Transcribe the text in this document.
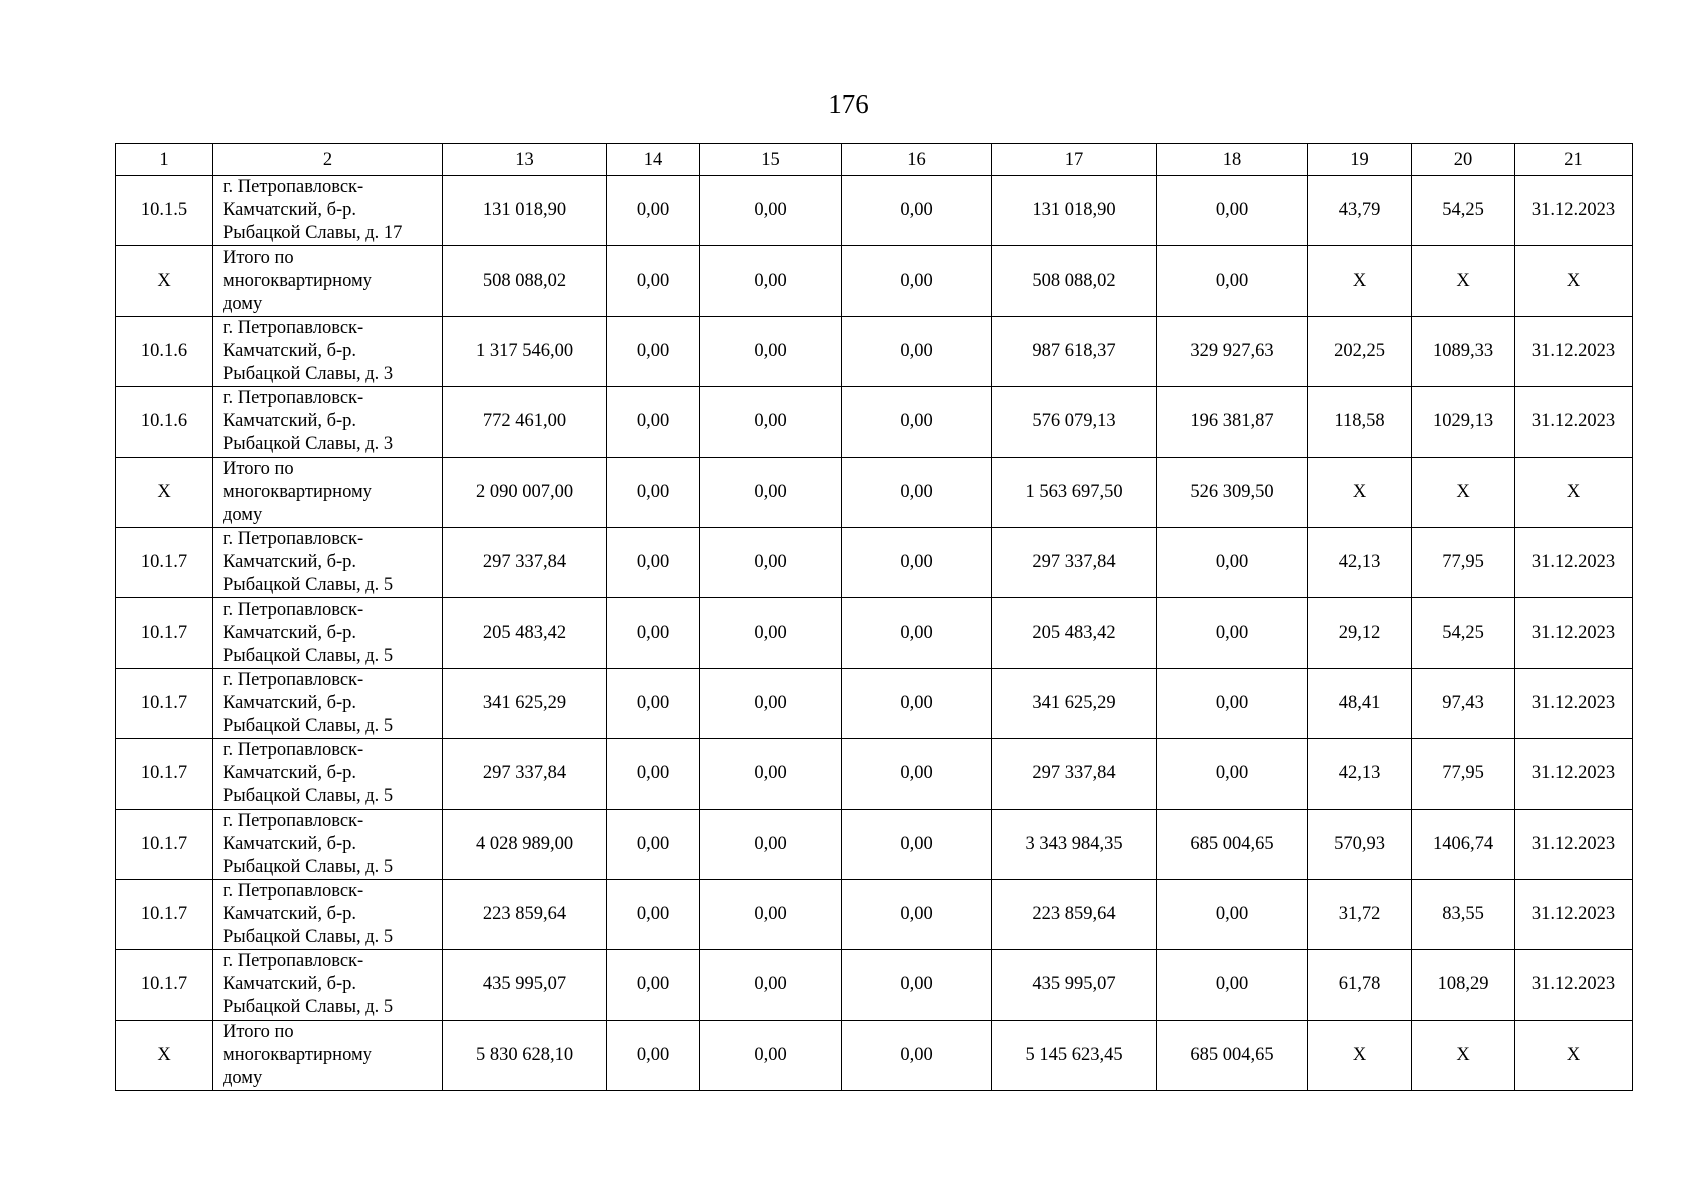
176
1	2	13	14	15	16	17	18	19	20	21
10.1.5	г. Петропавловск-
Камчатский, б-р.
Рыбацкой Славы, д. 17	131 018,90	0,00	0,00	0,00	131 018,90	0,00	43,79	54,25	31.12.2023
Х	Итого по
многоквартирному
дому	508 088,02	0,00	0,00	0,00	508 088,02	0,00	Х	Х	Х
10.1.6	г. Петропавловск-
Камчатский, б-р.
Рыбацкой Славы, д. 3	1 317 546,00	0,00	0,00	0,00	987 618,37	329 927,63	202,25	1089,33	31.12.2023
10.1.6	г. Петропавловск-
Камчатский, б-р.
Рыбацкой Славы, д. 3	772 461,00	0,00	0,00	0,00	576 079,13	196 381,87	118,58	1029,13	31.12.2023
Х	Итого по
многоквартирному
дому	2 090 007,00	0,00	0,00	0,00	1 563 697,50	526 309,50	Х	Х	Х
10.1.7	г. Петропавловск-
Камчатский, б-р.
Рыбацкой Славы, д. 5	297 337,84	0,00	0,00	0,00	297 337,84	0,00	42,13	77,95	31.12.2023
10.1.7	г. Петропавловск-
Камчатский, б-р.
Рыбацкой Славы, д. 5	205 483,42	0,00	0,00	0,00	205 483,42	0,00	29,12	54,25	31.12.2023
10.1.7	г. Петропавловск-
Камчатский, б-р.
Рыбацкой Славы, д. 5	341 625,29	0,00	0,00	0,00	341 625,29	0,00	48,41	97,43	31.12.2023
10.1.7	г. Петропавловск-
Камчатский, б-р.
Рыбацкой Славы, д. 5	297 337,84	0,00	0,00	0,00	297 337,84	0,00	42,13	77,95	31.12.2023
10.1.7	г. Петропавловск-
Камчатский, б-р.
Рыбацкой Славы, д. 5	4 028 989,00	0,00	0,00	0,00	3 343 984,35	685 004,65	570,93	1406,74	31.12.2023
10.1.7	г. Петропавловск-
Камчатский, б-р.
Рыбацкой Славы, д. 5	223 859,64	0,00	0,00	0,00	223 859,64	0,00	31,72	83,55	31.12.2023
10.1.7	г. Петропавловск-
Камчатский, б-р.
Рыбацкой Славы, д. 5	435 995,07	0,00	0,00	0,00	435 995,07	0,00	61,78	108,29	31.12.2023
Х	Итого по
многоквартирному
дому	5 830 628,10	0,00	0,00	0,00	5 145 623,45	685 004,65	Х	Х	Х
